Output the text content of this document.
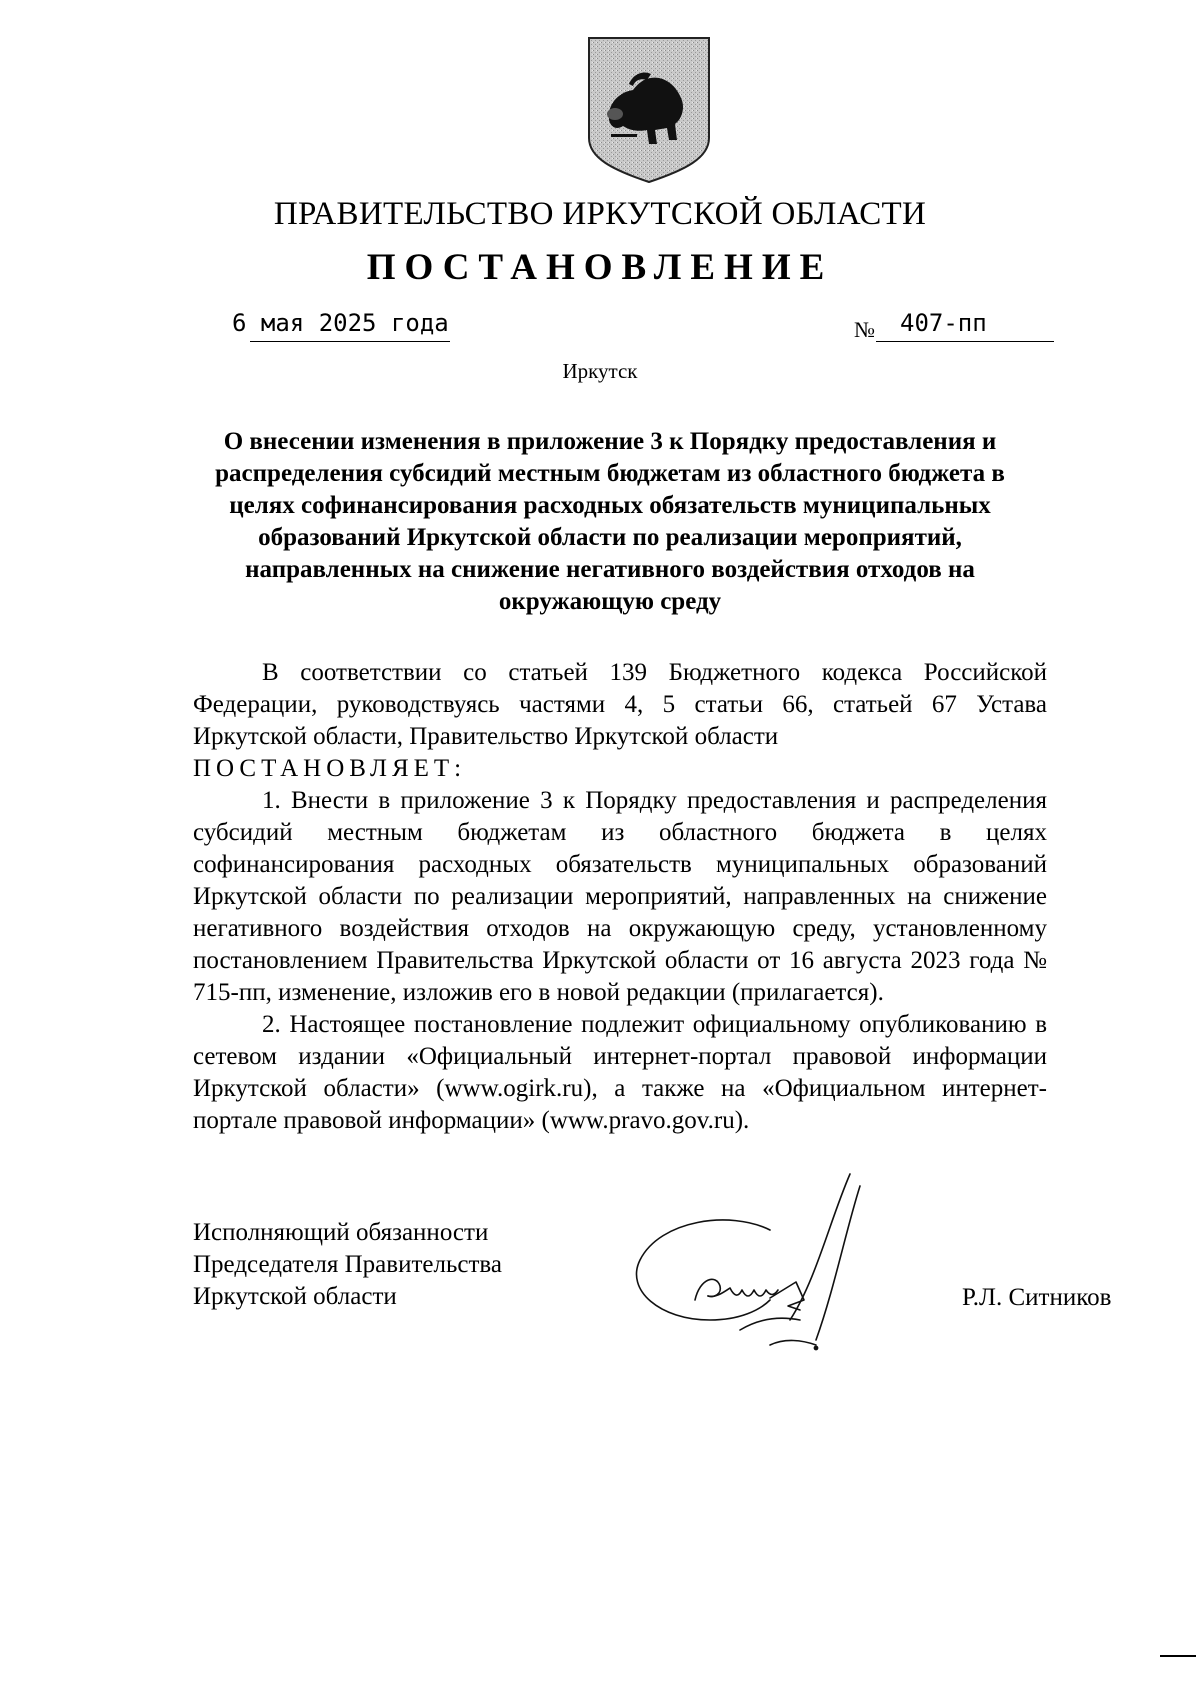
ПРАВИТЕЛЬСТВО ИРКУТСКОЙ ОБЛАСТИ
ПОСТАНОВЛЕНИЕ
6 мая 2025 года	№ 407-пп
Иркутск
О внесении изменения в приложение 3 к Порядку предоставления и распределения субсидий местным бюджетам из областного бюджета в целях софинансирования расходных обязательств муниципальных образований Иркутской области по реализации мероприятий, направленных на снижение негативного воздействия отходов на окружающую среду

В соответствии со статьей 139 Бюджетного кодекса Российской Федерации, руководствуясь частями 4, 5 статьи 66, статьей 67 Устава Иркутской области, Правительство Иркутской области

ПОСТАНОВЛЯЕТ:

1. Внести в приложение 3 к Порядку предоставления и распределения субсидий местным бюджетам из областного бюджета в целях софинансирования расходных обязательств муниципальных образований Иркутской области по реализации мероприятий, направленных на снижение негативного воздействия отходов на окружающую среду, установленному постановлением Правительства Иркутской области от 16 августа 2023 года № 715-пп, изменение, изложив его в новой редакции (прилагается).

2. Настоящее постановление подлежит официальному опубликованию в сетевом издании «Официальный интернет-портал правовой информации Иркутской области» (www.ogirk.ru), а также на «Официальном интернет-портале правовой информации» (www.pravo.gov.ru).

Исполняющий обязанности
Председателя Правительства
Иркутской области	Р.Л. Ситников
